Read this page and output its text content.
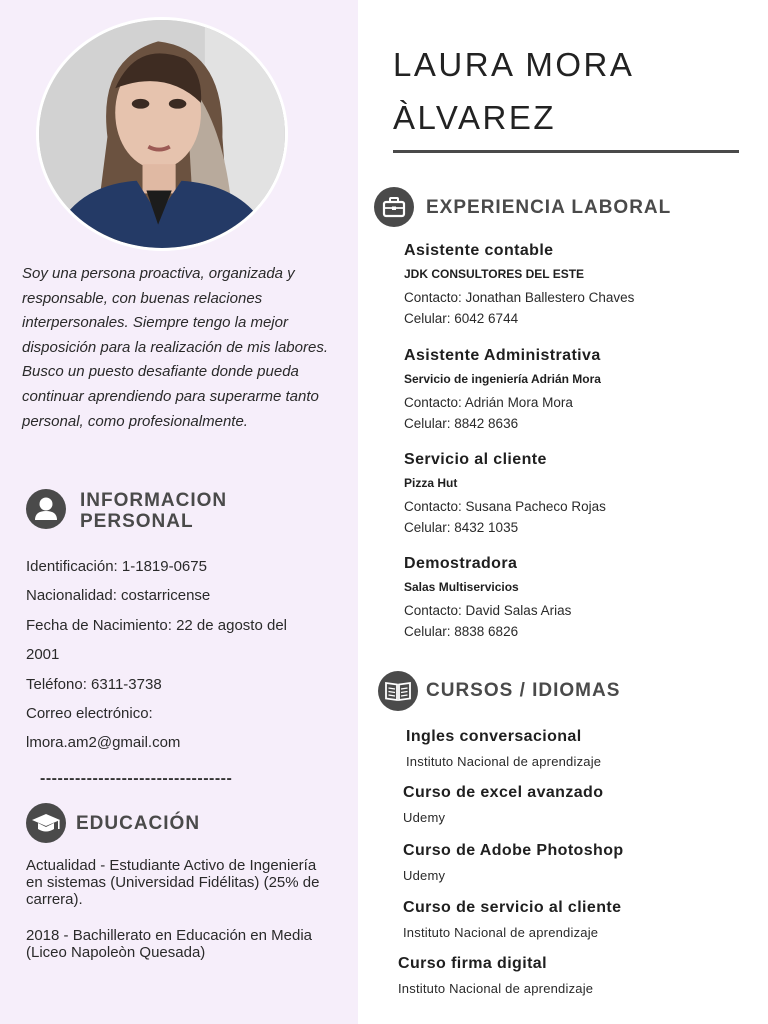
Soy una persona proactiva, organizada y responsable, con buenas relaciones interpersonales. Siempre tengo la mejor disposición para la realización de mis labores. Busco un puesto desafiante donde pueda continuar aprendiendo para superarme tanto personal, como profesionalmente.

INFORMACION
PERSONAL
Identificación: 1-1819-0675
Nacionalidad: costarricense
Fecha de Nacimiento: 22 de agosto del
2001
Teléfono: 6311-3738
Correo electrónico:
lmora.am2@gmail.com
---------------------------------
EDUCACIÓN

Actualidad - Estudiante Activo de Ingeniería en sistemas (Universidad Fidélitas) (25% de carrera).

2018 - Bachillerato en Educación en Media (Liceo Napoleòn Quesada)

LAURA MORA
ÀLVAREZ
EXPERIENCIA LABORAL
Asistente contable
JDK CONSULTORES DEL ESTE
Contacto: Jonathan Ballestero Chaves
Celular: 6042 6744
Asistente Administrativa
Servicio de ingeniería Adrián Mora
Contacto: Adrián Mora Mora
Celular: 8842 8636
Servicio al cliente
Pizza Hut
Contacto: Susana Pacheco Rojas
Celular: 8432 1035
Demostradora
Salas Multiservicios
Contacto: David Salas Arias
Celular: 8838 6826
CURSOS / IDIOMAS
Ingles conversacional
Instituto Nacional de aprendizaje
Curso de excel avanzado
Udemy
Curso de Adobe Photoshop
Udemy
Curso de servicio al cliente
Instituto Nacional de aprendizaje
Curso firma digital
Instituto Nacional de aprendizaje
